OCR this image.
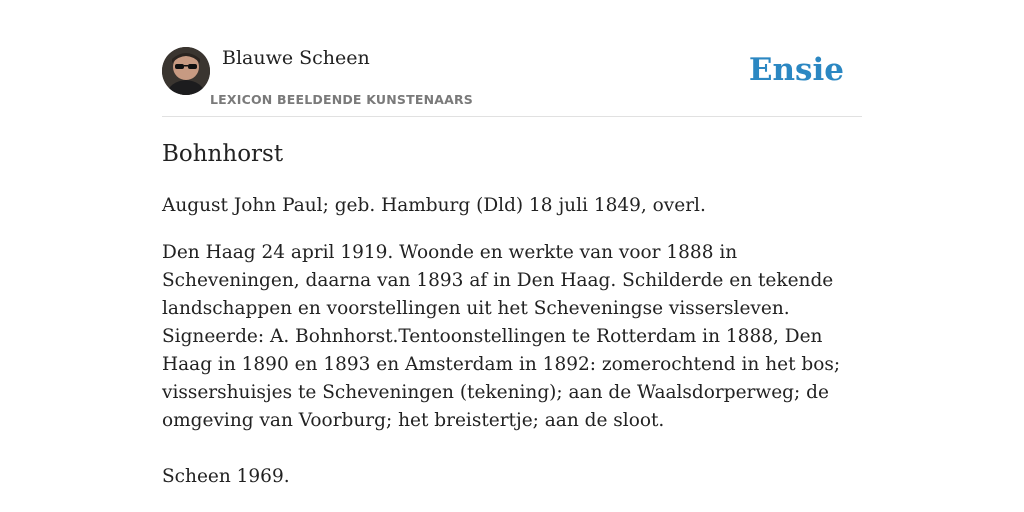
Blauwe Scheen
LEXICON BEELDENDE KUNSTENAARS
Ensie
Bohnhorst

August John Paul; geb. Hamburg (Dld) 18 juli 1849, overl.

Den Haag 24 april 1919. Woonde en werkte van voor 1888 in Scheveningen, daarna van 1893 af in Den Haag. Schilderde en tekende landschappen en voorstellingen uit het Scheveningse vissersleven. Signeerde: A. Bohnhorst.Tentoonstellingen te Rotterdam in 1888, Den Haag in 1890 en 1893 en Amsterdam in 1892: zomerochtend in het bos; vissershuisjes te Scheveningen (tekening); aan de Waalsdorperweg; de omgeving van Voorburg; het breistertje; aan de sloot.

Scheen 1969.
